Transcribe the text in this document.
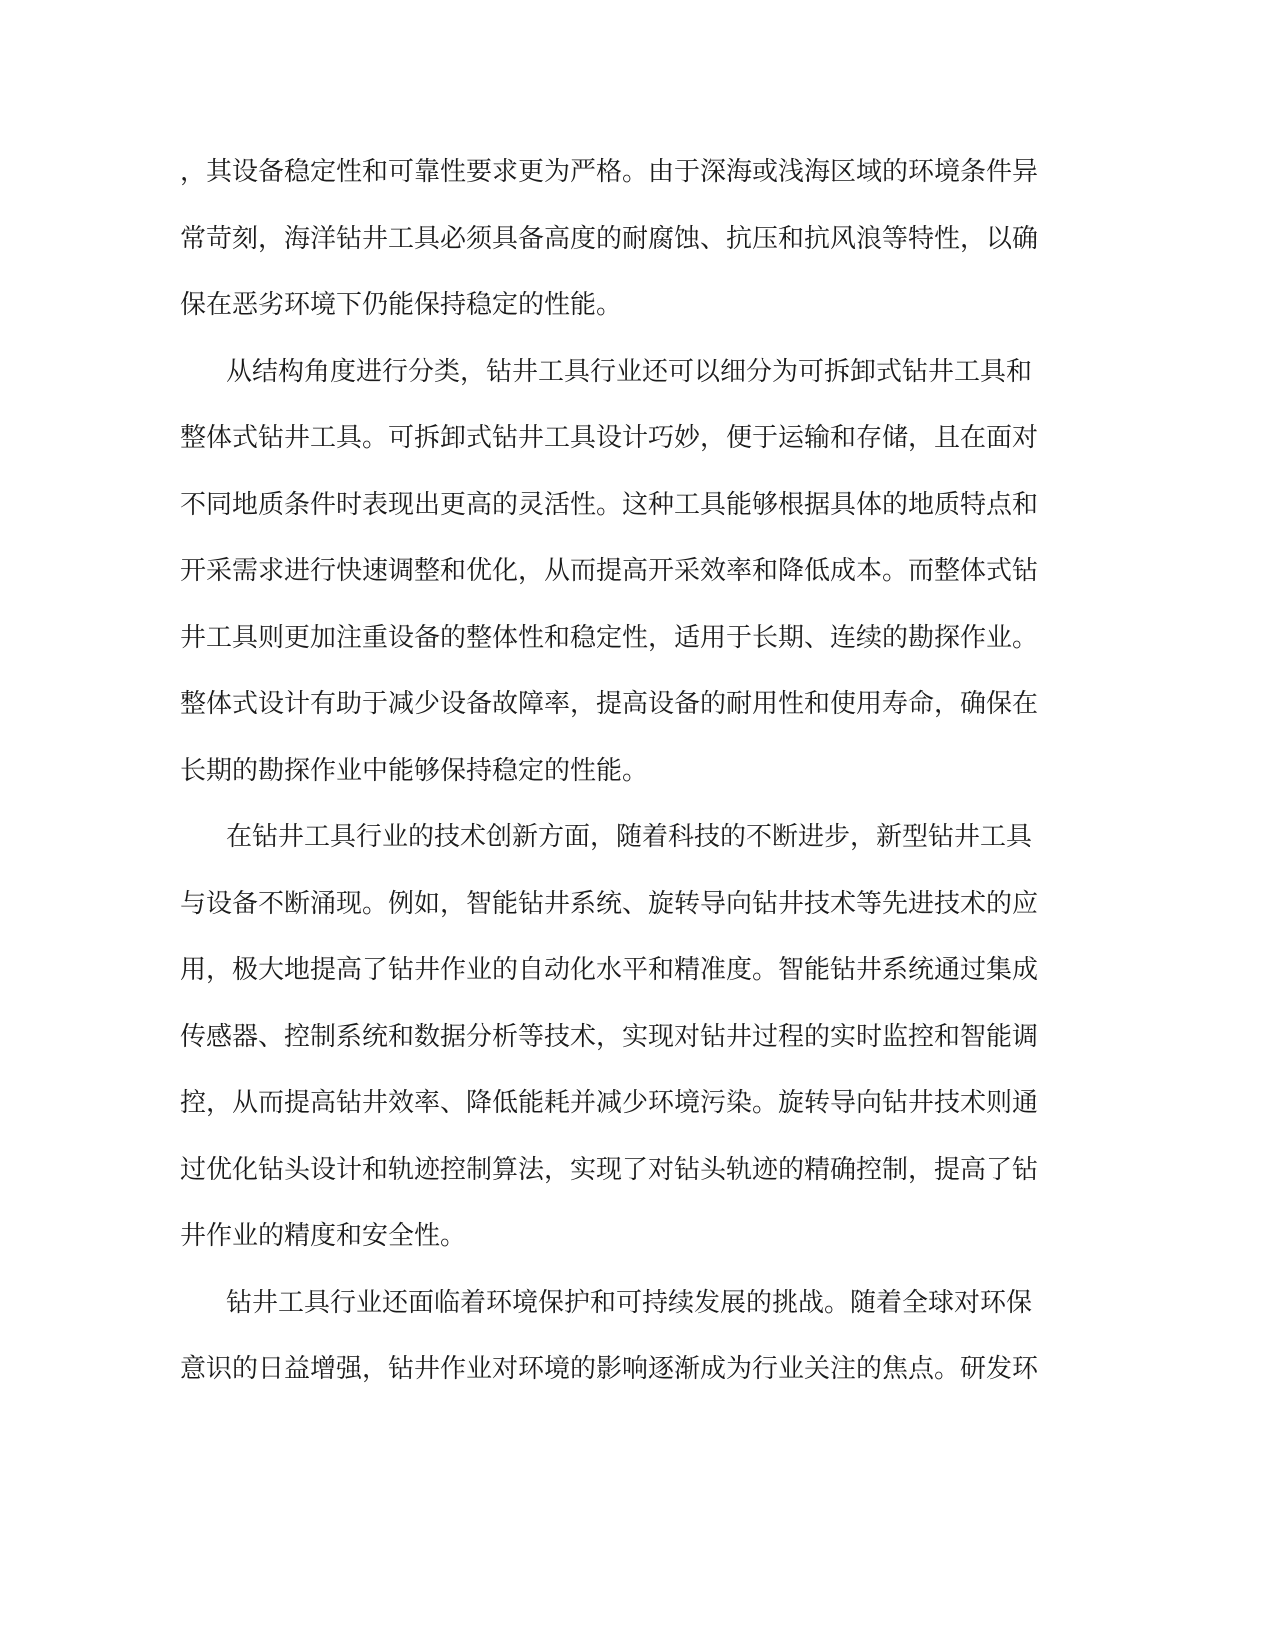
，其设备稳定性和可靠性要求更为严格。由于深海或浅海区域的环境条件异
常苛刻，海洋钻井工具必须具备高度的耐腐蚀、抗压和抗风浪等特性，以确
保在恶劣环境下仍能保持稳定的性能。
从结构角度进行分类，钻井工具行业还可以细分为可拆卸式钻井工具和
整体式钻井工具。可拆卸式钻井工具设计巧妙，便于运输和存储，且在面对
不同地质条件时表现出更高的灵活性。这种工具能够根据具体的地质特点和
开采需求进行快速调整和优化，从而提高开采效率和降低成本。而整体式钻
井工具则更加注重设备的整体性和稳定性，适用于长期、连续的勘探作业。
整体式设计有助于减少设备故障率，提高设备的耐用性和使用寿命，确保在
长期的勘探作业中能够保持稳定的性能。
在钻井工具行业的技术创新方面，随着科技的不断进步，新型钻井工具
与设备不断涌现。例如，智能钻井系统、旋转导向钻井技术等先进技术的应
用，极大地提高了钻井作业的自动化水平和精准度。智能钻井系统通过集成
传感器、控制系统和数据分析等技术，实现对钻井过程的实时监控和智能调
控，从而提高钻井效率、降低能耗并减少环境污染。旋转导向钻井技术则通
过优化钻头设计和轨迹控制算法，实现了对钻头轨迹的精确控制，提高了钻
井作业的精度和安全性。
钻井工具行业还面临着环境保护和可持续发展的挑战。随着全球对环保
意识的日益增强，钻井作业对环境的影响逐渐成为行业关注的焦点。研发环
